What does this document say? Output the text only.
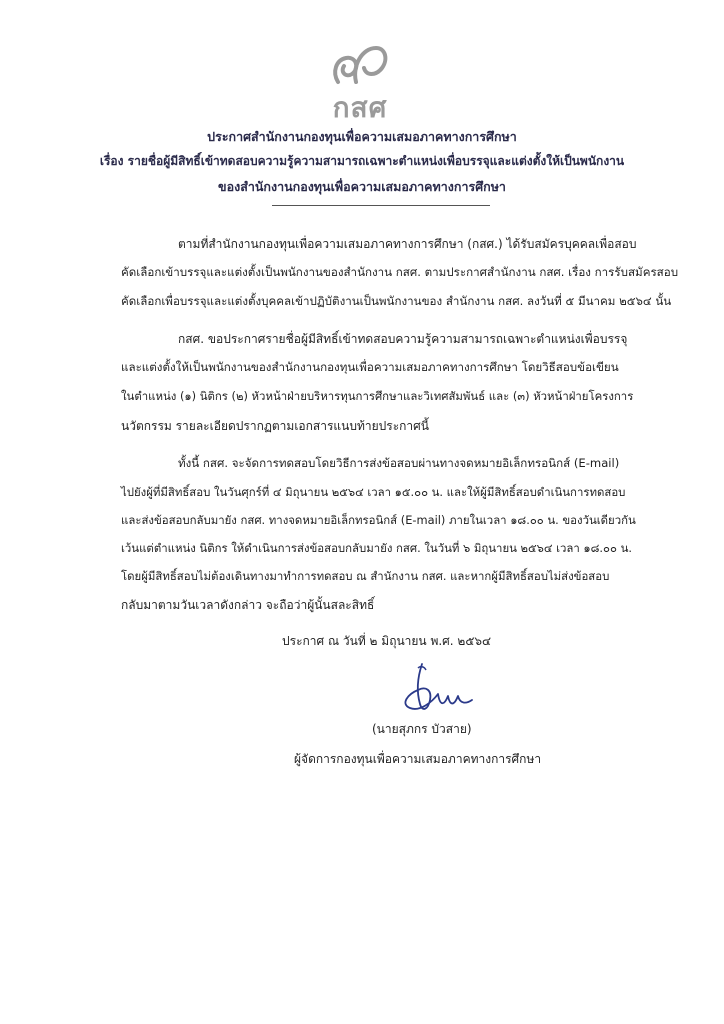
กสศ
ประกาศสำนักงานกองทุนเพื่อความเสมอภาคทางการศึกษา
เรื่อง รายชื่อผู้มีสิทธิ์เข้าทดสอบความรู้ความสามารถเฉพาะตำแหน่งเพื่อบรรจุและแต่งตั้งให้เป็นพนักงาน
ของสำนักงานกองทุนเพื่อความเสมอภาคทางการศึกษา
ตามที่สำนักงานกองทุนเพื่อความเสมอภาคทางการศึกษา (กสศ.) ได้รับสมัครบุคคลเพื่อสอบ
คัดเลือกเข้าบรรจุและแต่งตั้งเป็นพนักงานของสำนักงาน กสศ. ตามประกาศสำนักงาน กสศ. เรื่อง การรับสมัครสอบ
คัดเลือกเพื่อบรรจุและแต่งตั้งบุคคลเข้าปฏิบัติงานเป็นพนักงานของ สำนักงาน กสศ. ลงวันที่ ๕ มีนาคม ๒๕๖๔ นั้น
กสศ. ขอประกาศรายชื่อผู้มีสิทธิ์เข้าทดสอบความรู้ความสามารถเฉพาะตำแหน่งเพื่อบรรจุ
และแต่งตั้งให้เป็นพนักงานของสำนักงานกองทุนเพื่อความเสมอภาคทางการศึกษา โดยวิธีสอบข้อเขียน
ในตำแหน่ง (๑) นิติกร (๒) หัวหน้าฝ่ายบริหารทุนการศึกษาและวิเทศสัมพันธ์ และ (๓) หัวหน้าฝ่ายโครงการ
นวัตกรรม รายละเอียดปรากฏตามเอกสารแนบท้ายประกาศนี้
ทั้งนี้ กสศ. จะจัดการทดสอบโดยวิธีการส่งข้อสอบผ่านทางจดหมายอิเล็กทรอนิกส์ (E-mail)
ไปยังผู้ที่มีสิทธิ์สอบ ในวันศุกร์ที่ ๔ มิถุนายน ๒๕๖๔ เวลา ๑๕.๐๐ น. และให้ผู้มีสิทธิ์สอบดำเนินการทดสอบ
และส่งข้อสอบกลับมายัง กสศ. ทางจดหมายอิเล็กทรอนิกส์ (E-mail) ภายในเวลา ๑๘.๐๐ น. ของวันเดียวกัน
เว้นแต่ตำแหน่ง นิติกร ให้ดำเนินการส่งข้อสอบกลับมายัง กสศ. ในวันที่ ๖ มิถุนายน ๒๕๖๔ เวลา ๑๘.๐๐ น.
โดยผู้มีสิทธิ์สอบไม่ต้องเดินทางมาทำการทดสอบ ณ สำนักงาน กสศ. และหากผู้มีสิทธิ์สอบไม่ส่งข้อสอบ
กลับมาตามวันเวลาดังกล่าว จะถือว่าผู้นั้นสละสิทธิ์
ประกาศ ณ วันที่ ๒ มิถุนายน พ.ศ. ๒๕๖๔
(นายสุภกร บัวสาย)
ผู้จัดการกองทุนเพื่อความเสมอภาคทางการศึกษา
